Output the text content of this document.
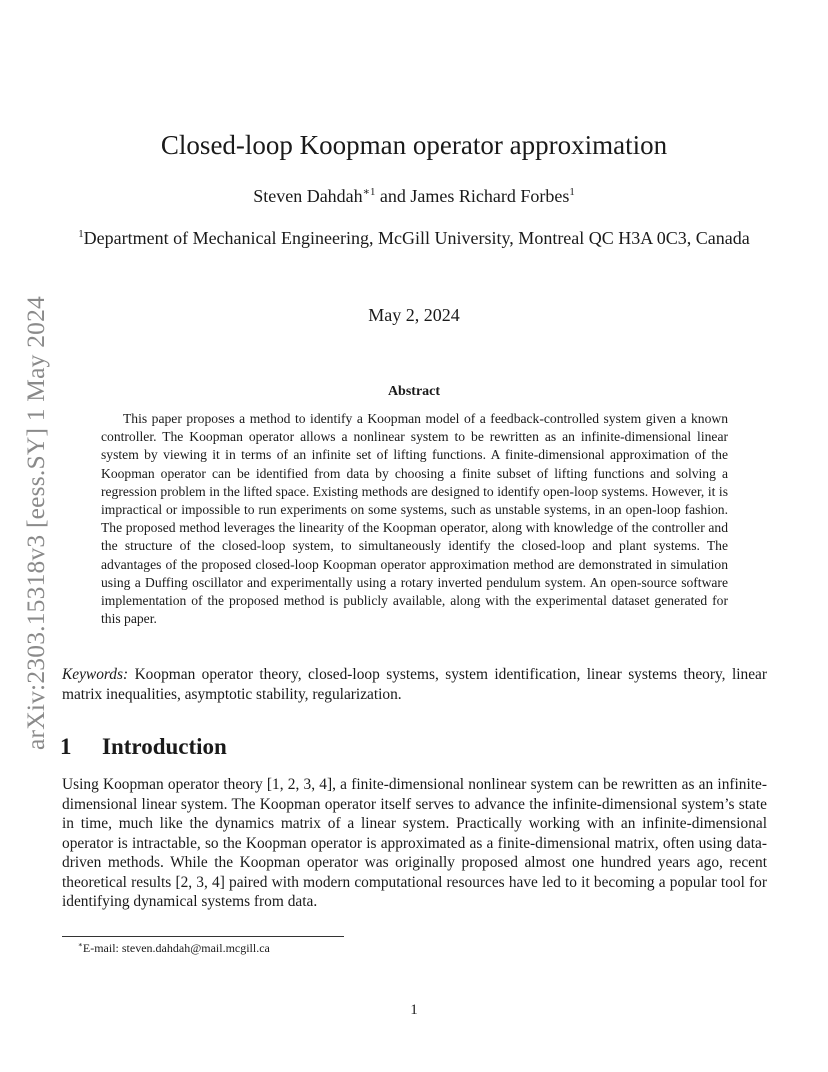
arXiv:2303.15318v3 [eess.SY] 1 May 2024
Closed-loop Koopman operator approximation
Steven Dahdah$^{∗1}$ and James Richard Forbes$^1$
$^1$Department of Mechanical Engineering, McGill University, Montreal QC H3A 0C3, Canada
May 2, 2024
Abstract

This paper proposes a method to identify a Koopman model of a feedback-controlled system given a known controller. The Koopman operator allows a nonlinear system to be rewritten as an infinite-dimensional linear system by viewing it in terms of an infinite set of lifting functions. A finite-dimensional approximation of the Koopman operator can be identified from data by choosing a finite subset of lifting functions and solving a regression problem in the lifted space. Existing methods are designed to identify open-loop systems. However, it is impractical or impossible to run experiments on some systems, such as unstable systems, in an open-loop fashion. The proposed method leverages the linearity of the Koopman operator, along with knowledge of the controller and the structure of the closed-loop system, to simultaneously identify the closed-loop and plant systems. The advantages of the proposed closed-loop Koopman operator approximation method are demonstrated in simulation using a Duffing oscillator and experimentally using a rotary inverted pendulum system. An open-source software implementation of the proposed method is publicly available, along with the experimental dataset generated for this paper.

Keywords: Koopman operator theory, closed-loop systems, system identification, linear systems theory, linear matrix inequalities, asymptotic stability, regularization.

1 Introduction

Using Koopman operator theory [1, 2, 3, 4], a finite-dimensional nonlinear system can be rewritten as an infinite-dimensional linear system. The Koopman operator itself serves to advance the infinite-dimensional system’s state in time, much like the dynamics matrix of a linear system. Practically working with an infinite-dimensional operator is intractable, so the Koopman operator is approximated as a finite-dimensional matrix, often using data-driven methods. While the Koopman operator was originally proposed almost one hundred years ago, recent theoretical results [2, 3, 4] paired with modern computational resources have led to it becoming a popular tool for identifying dynamical systems from data.

∗E-mail: steven.dahdah@mail.mcgill.ca
1
